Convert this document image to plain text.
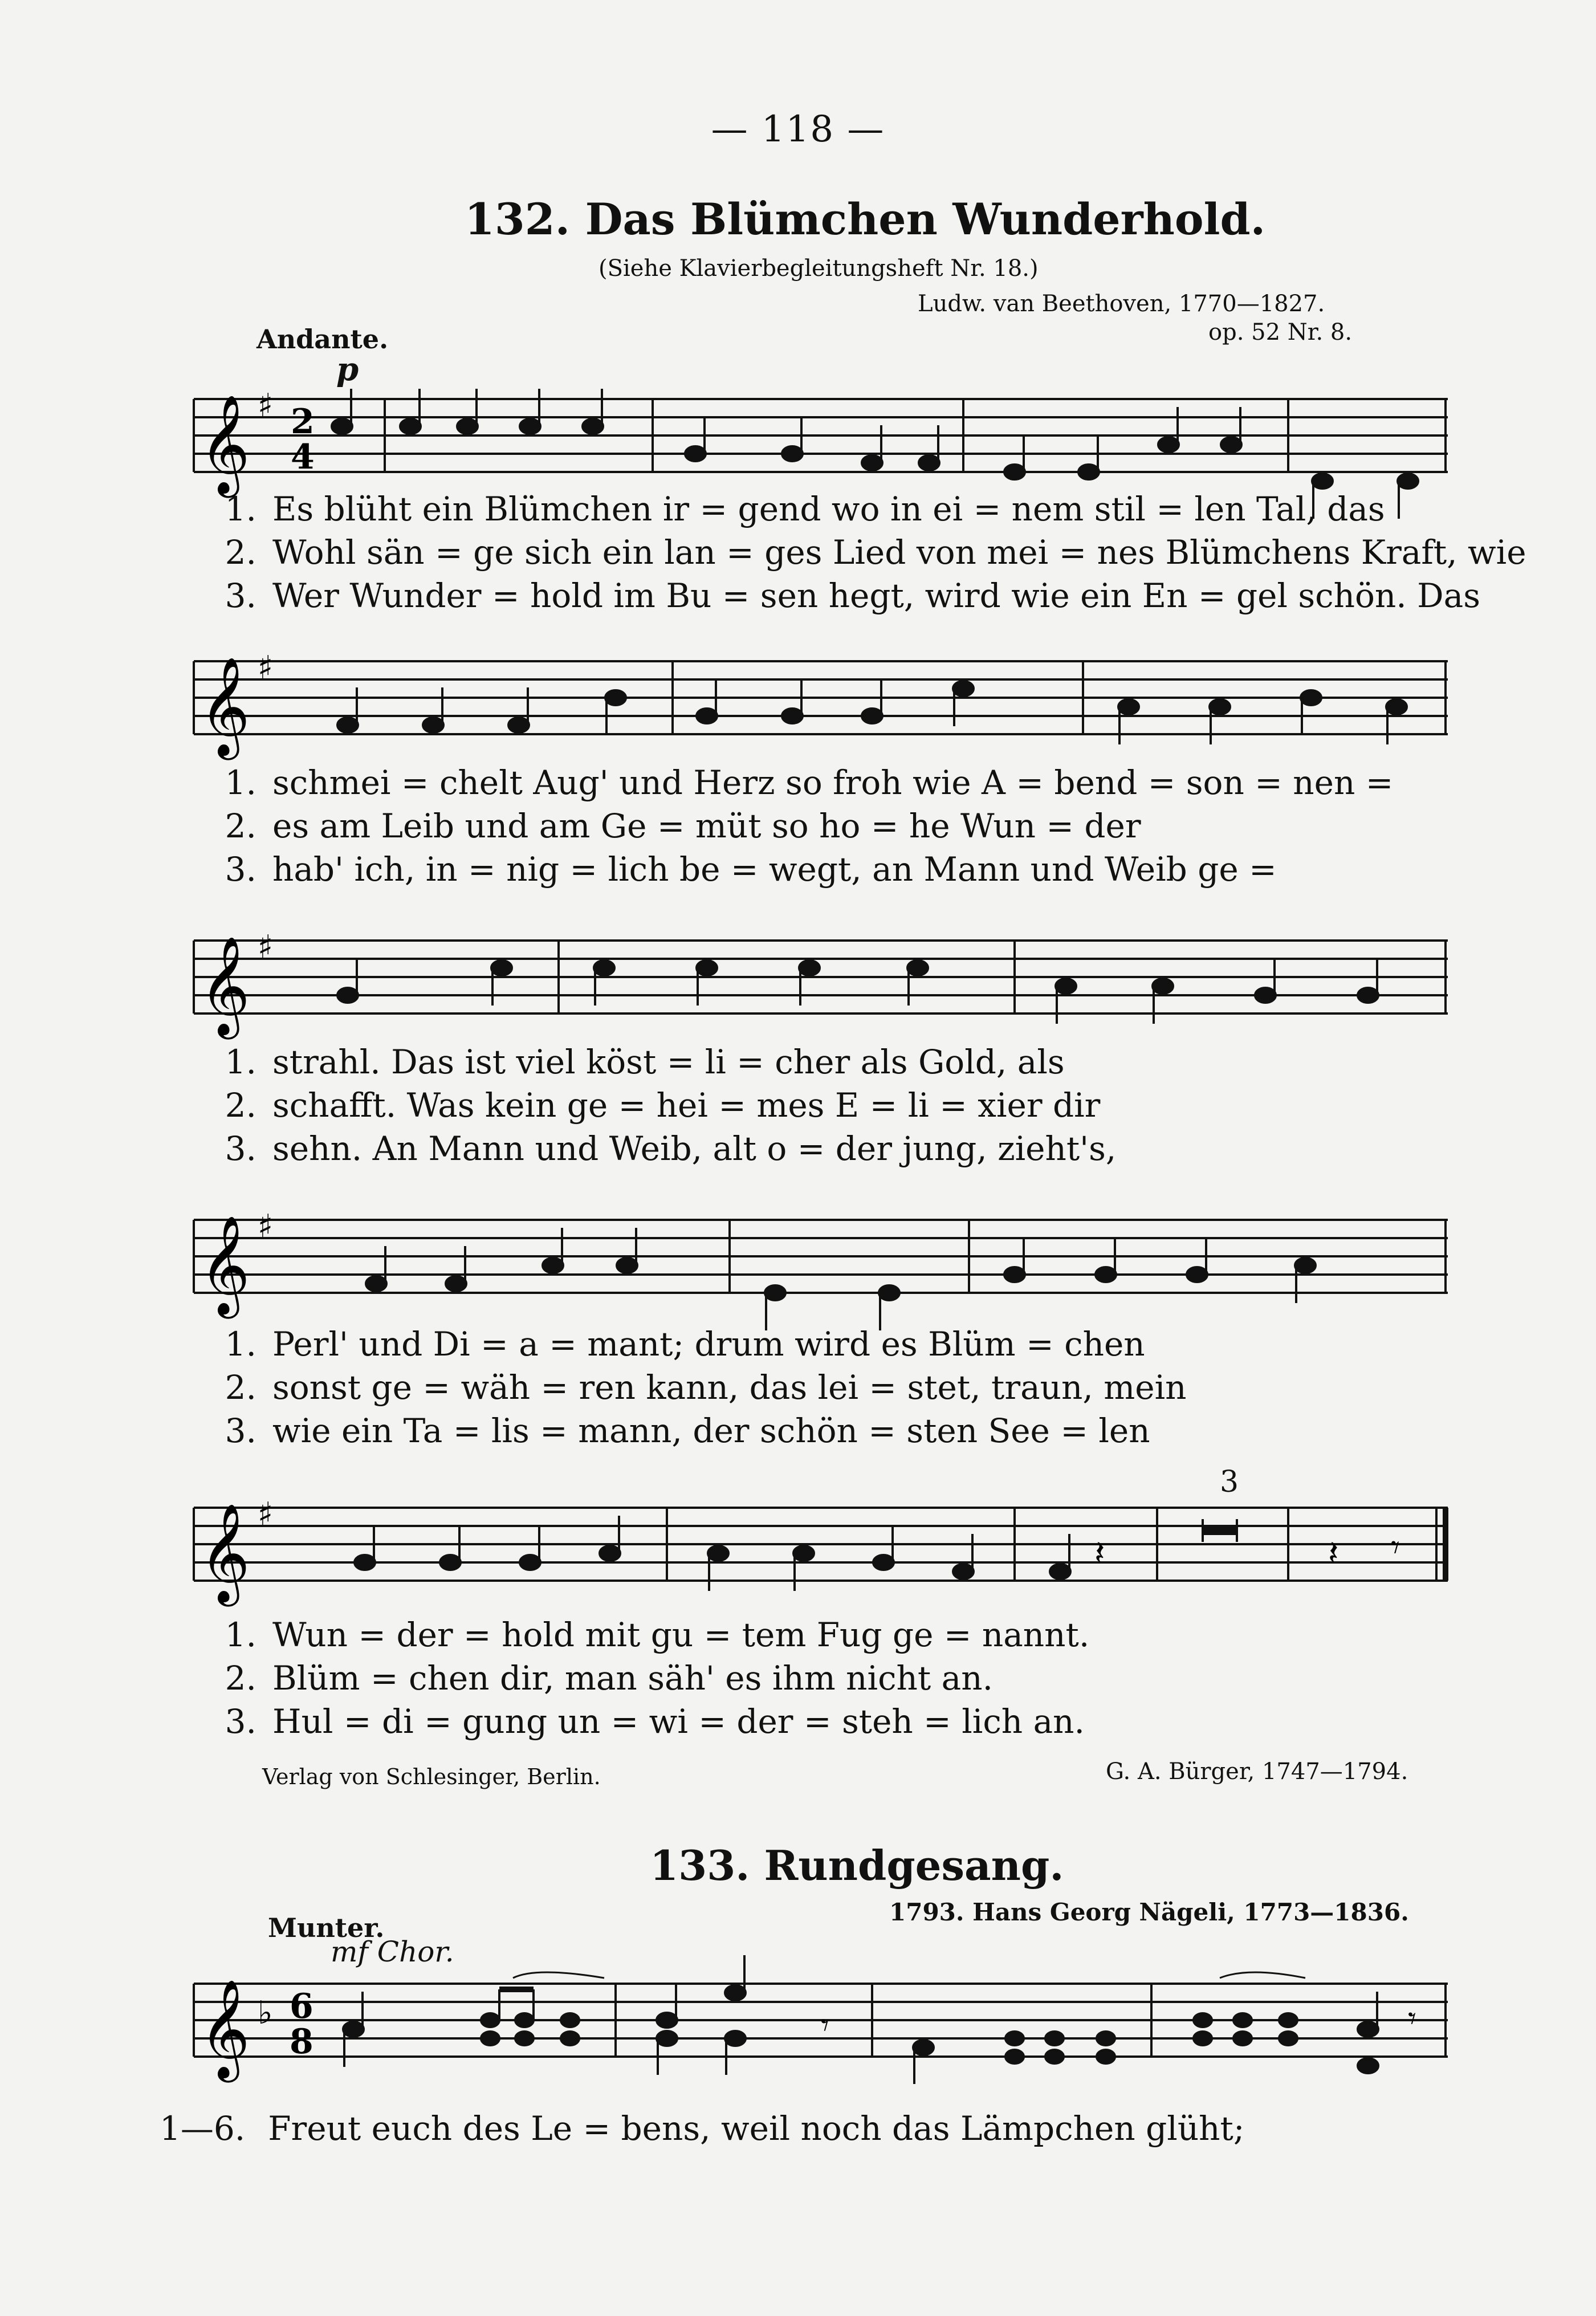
— 118 —
132. Das Blümchen Wunderhold.
(Siehe Klavierbegleitungsheft Nr. 18.)
Ludw. van Beethoven, 1770—1827.
op. 52 Nr. 8.
Andante.
p
𝄞 ♯ 2
4
1. Es blüht ein Blümchen ir = gend wo in ei = nem stil = len Tal, das
2. Wohl sän = ge sich ein lan = ges Lied von mei = nes Blümchens Kraft, wie
3. Wer Wunder = hold im Bu = sen hegt, wird wie ein En = gel schön. Das
𝄞 ♯
1. schmei = chelt Aug' und Herz so froh wie A = bend = son = nen =
2. es am Leib und am Ge = müt so ho = he Wun = der
3. hab' ich, in = nig = lich be = wegt, an Mann und Weib ge =
𝄞 ♯
1. strahl. Das ist viel köst = li = cher als Gold, als
2. schafft. Was kein ge = hei = mes E = li = xier dir
3. sehn. An Mann und Weib, alt o = der jung, zieht's,
𝄞 ♯
1. Perl' und Di = a = mant; drum wird es Blüm = chen
2. sonst ge = wäh = ren kann, das lei = stet, traun, mein
3. wie ein Ta = lis = mann, der schön = sten See = len
3
𝄞 ♯
𝄽	𝄽 𝄾
1. Wun = der = hold mit gu = tem Fug ge = nannt.
2. Blüm = chen dir, man säh' es ihm nicht an.
3. Hul = di = gung un = wi = der = steh = lich an.
Verlag von Schlesinger, Berlin.	G. A. Bürger, 1747—1794.
133. Rundgesang.
Munter.
1793. Hans Georg Nägeli, 1773—1836.
mf Chor.
𝄞 ♭ 6
8	𝄾	𝄾
1—6. Freut euch des Le = bens, weil noch das Lämpchen glüht;
